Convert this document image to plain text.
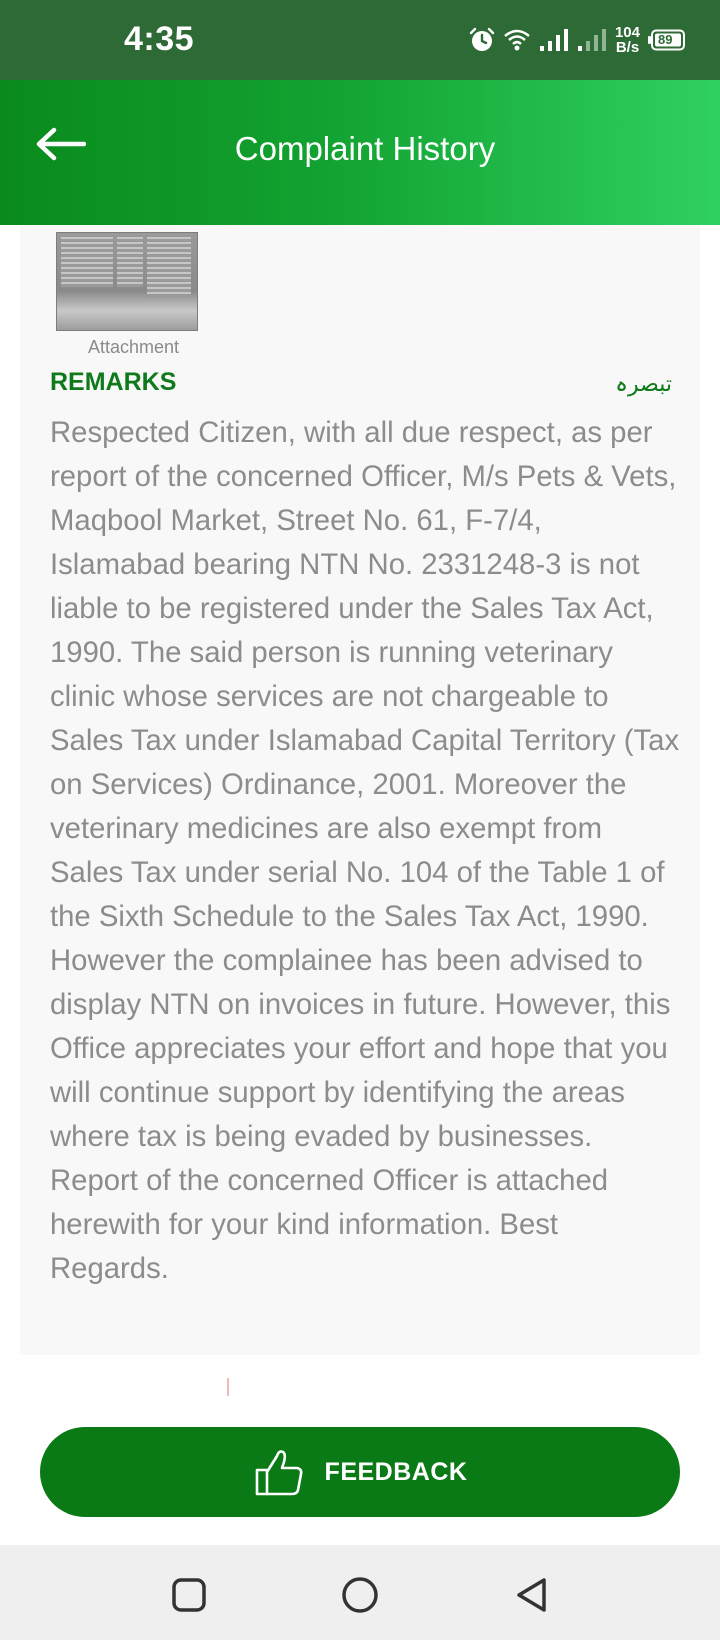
4:35	104
B/s 89
Complaint History
Attachment
REMARKS	تبصرہ

Respected Citizen, with all due respect, as per report of the concerned Officer, M/s Pets & Vets, Maqbool Market, Street No. 61, F-7/4, Islamabad bearing NTN No. 2331248-3 is not liable to be registered under the Sales Tax Act, 1990. The said person is running veterinary clinic whose services are not chargeable to Sales Tax under Islamabad Capital Territory (Tax on Services) Ordinance, 2001. Moreover the veterinary medicines are also exempt from Sales Tax under serial No. 104 of the Table 1 of the Sixth Schedule to the Sales Tax Act, 1990. However the complainee has been advised to display NTN on invoices in future. However, this Office appreciates your effort and hope that you will continue support by identifying the areas where tax is being evaded by businesses. Report of the concerned Officer is attached herewith for your kind information. Best Regards.

FEEDBACK
